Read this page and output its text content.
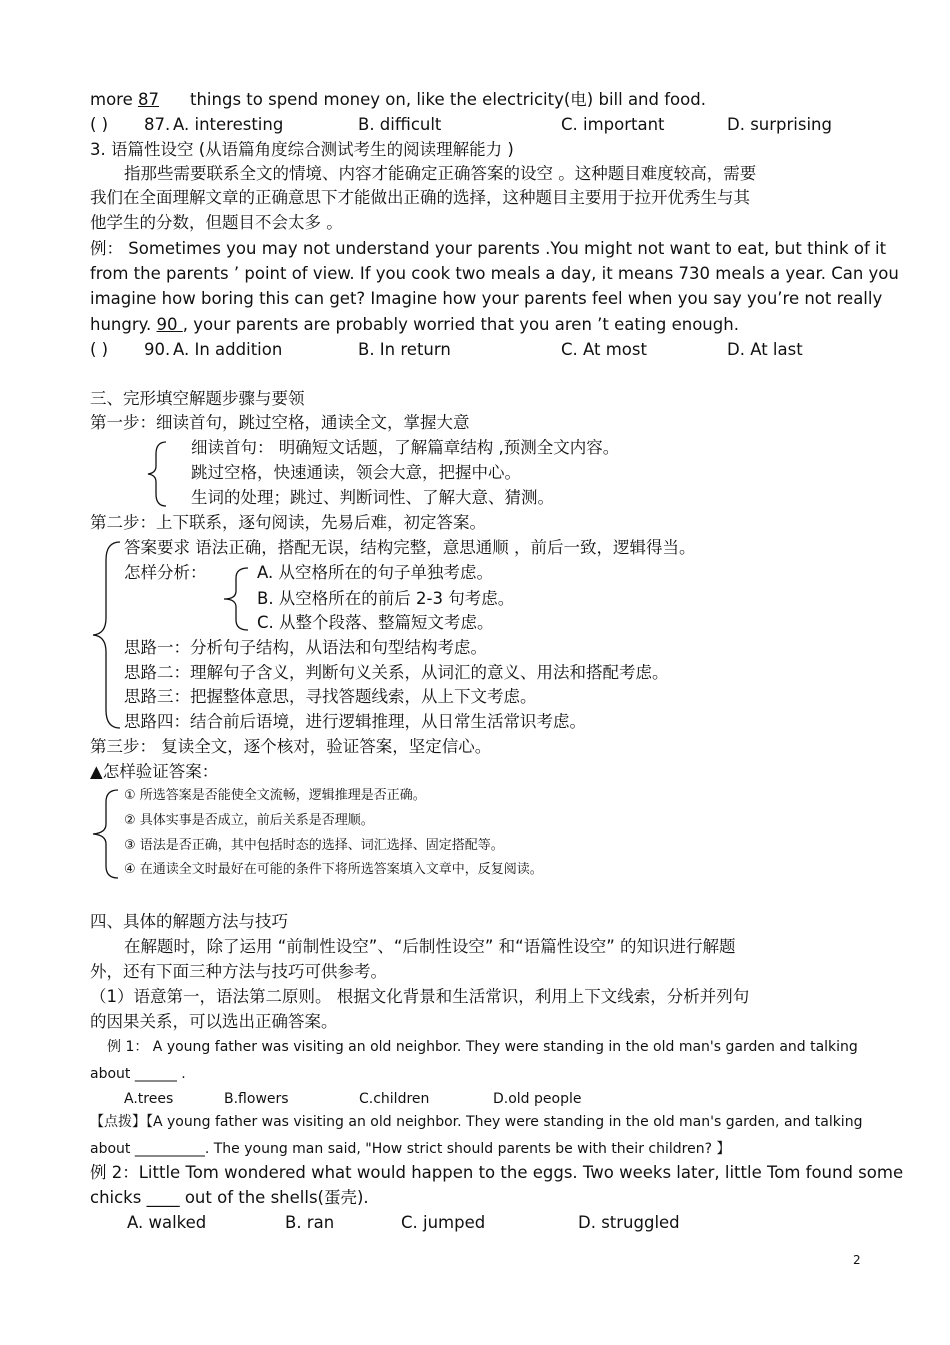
more 87things to spend money on, like the electricity(电) bill and food.
( ) 87. A. interesting	B. difficult	C. important	D. surprising
3. 语篇性设空 (从语篇角度综合测试考生的阅读理解能力 )
指那些需要联系全文的情境、内容才能确定正确答案的设空 。这种题目难度较高，需要
我们在全面理解文章的正确意思下才能做出正确的选择，这种题目主要用于拉开优秀生与其
他学生的分数，但题目不会太多 。
例： Sometimes you may not understand your parents .You might not want to eat, but think of it
from the parents ’ point of view. If you cook two meals a day, it means 730 meals a year. Can you
imagine how boring this can get? Imagine how your parents feel when you say you’re not really
hungry. 90 , your parents are probably worried that you aren ’t eating enough.
( ) 90. A. In addition	B. In return	C. At most	D. At last
三、完形填空解题步骤与要领
第一步：细读首句，跳过空格，通读全文，掌握大意
细读首句： 明确短文话题，了解篇章结构 ,预测全文内容。
跳过空格，快速通读，领会大意，把握中心。
生词的处理；跳过、判断词性、了解大意、猜测。
第二步：上下联系，逐句阅读，先易后难，初定答案。
答案要求 语法正确，搭配无误，结构完整，意思通顺 ，前后一致，逻辑得当。
怎样分析：	A. 从空格所在的句子单独考虑。
B. 从空格所在的前后 2-3 句考虑。
C. 从整个段落、整篇短文考虑。
思路一：分析句子结构，从语法和句型结构考虑。
思路二：理解句子含义，判断句义关系，从词汇的意义、用法和搭配考虑。
思路三：把握整体意思，寻找答题线索，从上下文考虑。
思路四：结合前后语境，进行逻辑推理，从日常生活常识考虑。
第三步： 复读全文，逐个核对，验证答案，坚定信心。
▲怎样验证答案：
① 所选答案是否能使全文流畅，逻辑推理是否正确。
② 具体实事是否成立，前后关系是否理顺。
③ 语法是否正确，其中包括时态的选择、词汇选择、固定搭配等。
④ 在通读全文时最好在可能的条件下将所选答案填入文章中，反复阅读。
四、具体的解题方法与技巧
在解题时，除了运用 “前制性设空”、“后制性设空” 和“语篇性设空” 的知识进行解题
外，还有下面三种方法与技巧可供参考。
（1）语意第一，语法第二原则。 根据文化背景和生活常识，利用上下文线索，分析并列句
的因果关系，可以选出正确答案。
例 1： A young father was visiting an old neighbor. They were standing in the old man's garden and talking
about ______ .
A.trees	B.flowers	C.children	D.old people
【点拨】【A young father was visiting an old neighbor. They were standing in the old man's garden, and talking
about __________. The young man said, "How strict should parents be with their children? 】
例 2：Little Tom wondered what would happen to the eggs. Two weeks later, little Tom found some
chicks ____ out of the shells(蛋壳).
A. walked	B. ran	C. jumped	D. struggled
2
